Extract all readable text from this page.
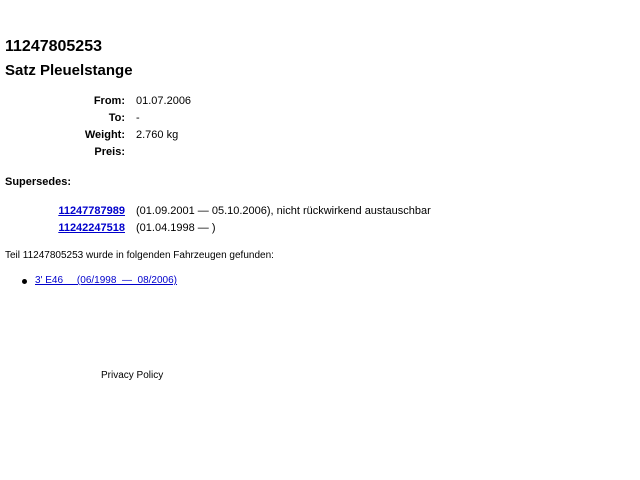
11247805253
Satz Pleuelstange
From:	01.07.2006
To:	-
Weight:	2.760 kg
Preis:	
Supersedes:
11247787989	(01.09.2001 — 05.10.2006), nicht rückwirkend austauschbar
11242247518	(01.04.1998 — )
Teil 11247805253 wurde in folgenden Fahrzeugen gefunden:
3' E46     (06/1998  —  08/2006)
Privacy Policy
